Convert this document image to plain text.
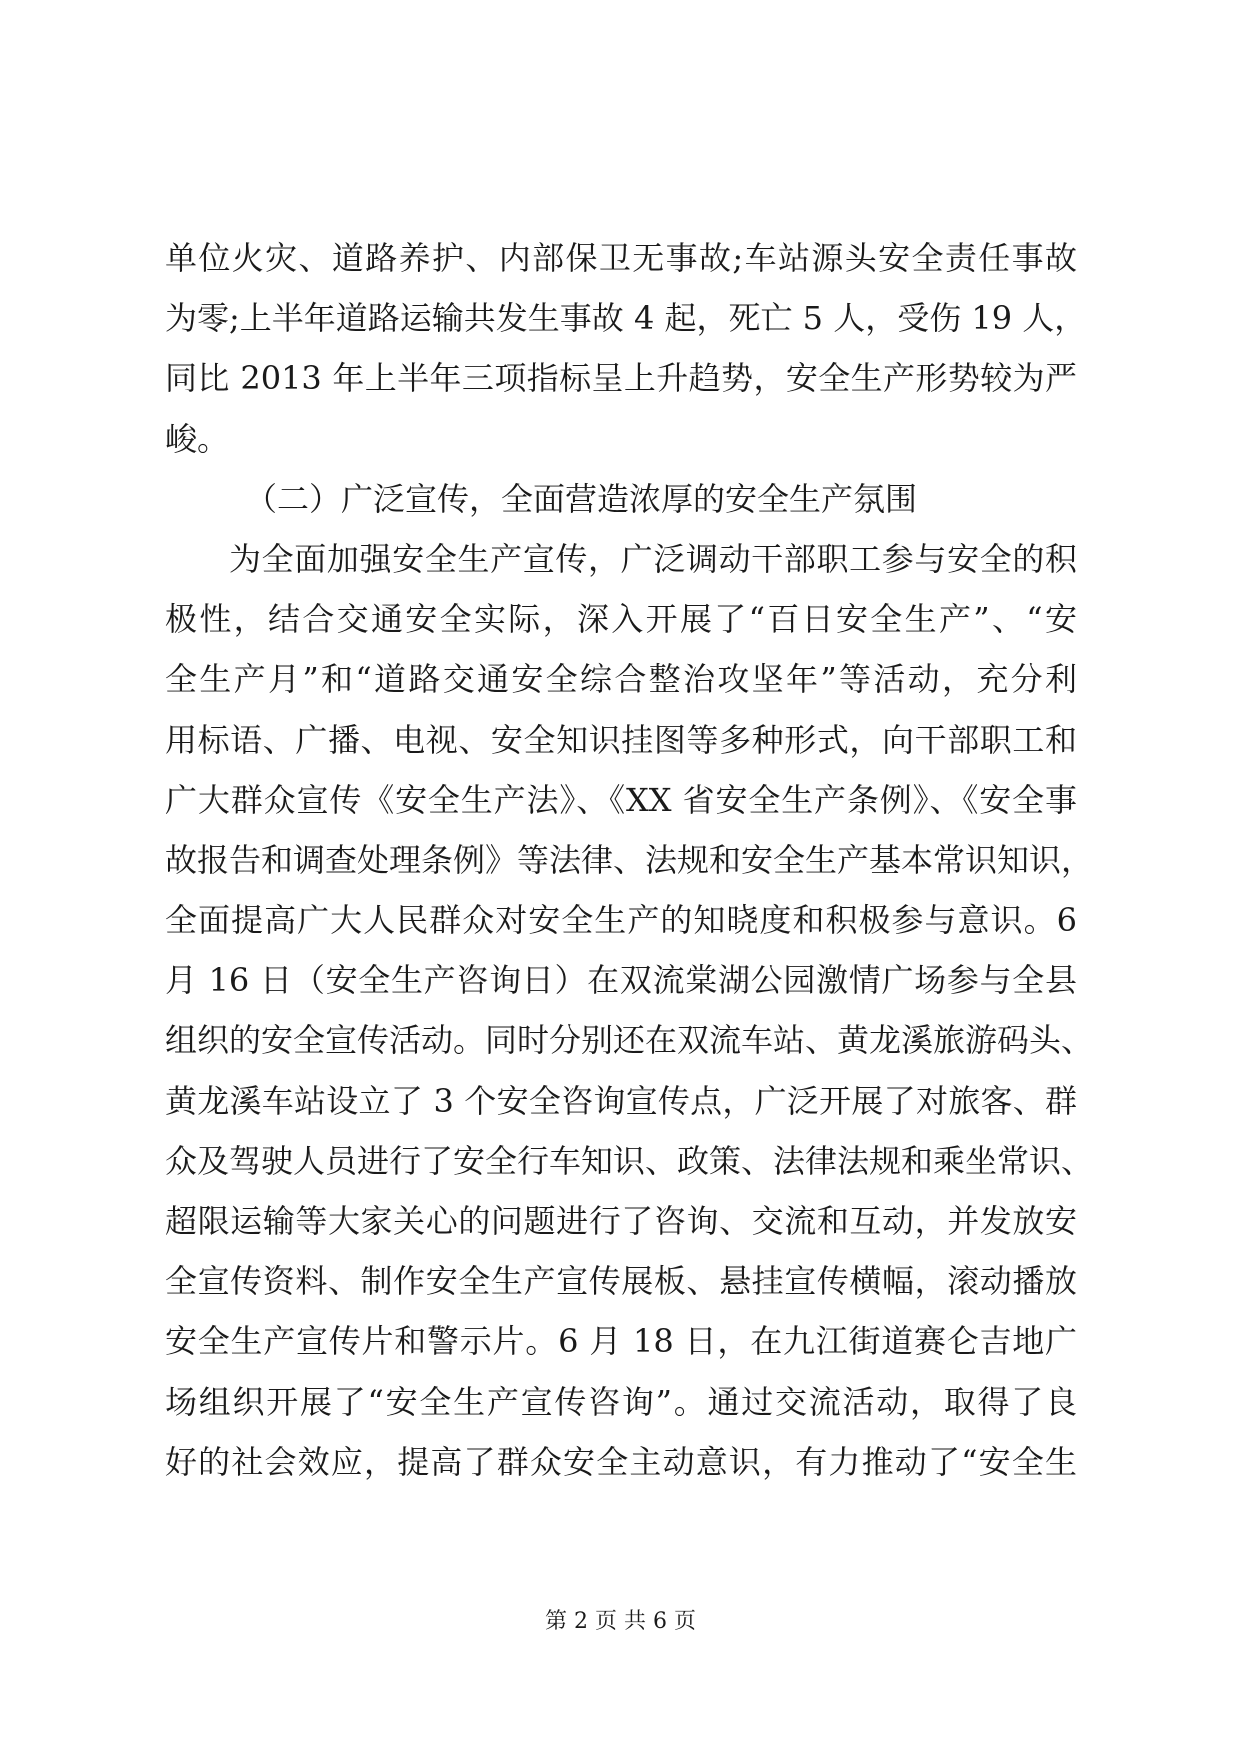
单位火灾、道路养护、内部保卫无事故;车站源头安全责任事故
为零;上半年道路运输共发生事故 4 起，死亡 5 人，受伤 19 人，
同比 2013 年上半年三项指标呈上升趋势，安全生产形势较为严
峻。
（二）广泛宣传，全面营造浓厚的安全生产氛围
为全面加强安全生产宣传，广泛调动干部职工参与安全的积
极性，结合交通安全实际，深入开展了“百日安全生产”、“安
全生产月”和“道路交通安全综合整治攻坚年”等活动，充分利
用标语、广播、电视、安全知识挂图等多种形式，向干部职工和
广大群众宣传《安全生产法》、《XX 省安全生产条例》、《安全事
故报告和调查处理条例》等法律、法规和安全生产基本常识知识，
全面提高广大人民群众对安全生产的知晓度和积极参与意识。6
月 16 日（安全生产咨询日）在双流棠湖公园激情广场参与全县
组织的安全宣传活动。同时分别还在双流车站、黄龙溪旅游码头、
黄龙溪车站设立了 3 个安全咨询宣传点，广泛开展了对旅客、群
众及驾驶人员进行了安全行车知识、政策、法律法规和乘坐常识、
超限运输等大家关心的问题进行了咨询、交流和互动，并发放安
全宣传资料、制作安全生产宣传展板、悬挂宣传横幅，滚动播放
安全生产宣传片和警示片。6 月 18 日，在九江街道赛仑吉地广
场组织开展了“安全生产宣传咨询”。通过交流活动，取得了良
好的社会效应，提高了群众安全主动意识，有力推动了“安全生
第 2 页 共 6 页
